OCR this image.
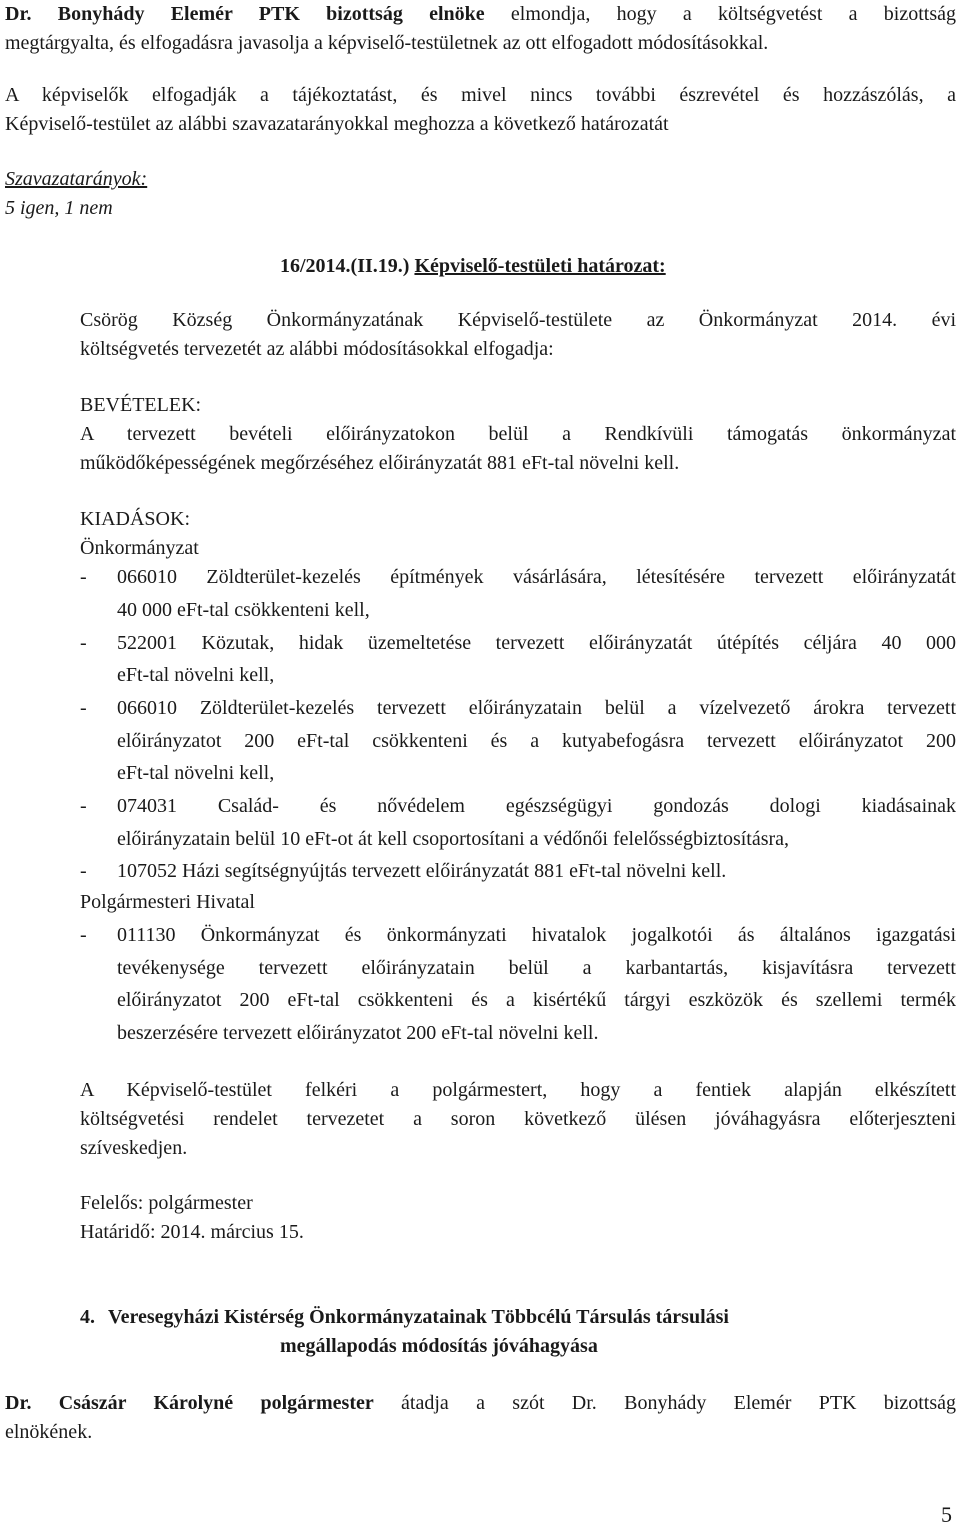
Dr. Bonyhády Elemér PTK bizottság elnöke elmondja, hogy a költségvetést a bizottság
megtárgyalta, és elfogadásra javasolja a képviselő-testületnek az ott elfogadott módosításokkal.
A képviselők elfogadják a tájékoztatást, és mivel nincs további észrevétel és hozzászólás, a
Képviselő-testület az alábbi szavazatarányokkal meghozza a következő határozatát
Szavazatarányok:
5 igen, 1 nem
16/2014.(II.19.) Képviselő-testületi határozat:
Csörög Község Önkormányzatának Képviselő-testülete az Önkormányzat 2014. évi
költségvetés tervezetét az alábbi módosításokkal elfogadja:
BEVÉTELEK:
A tervezett bevételi előirányzatokon belül a Rendkívüli támogatás önkormányzat
működőképességének megőrzéséhez előirányzatát 881 eFt-tal növelni kell.
KIADÁSOK:
Önkormányzat
- 066010 Zöldterület-kezelés építmények vásárlására, létesítésére tervezett előirányzatát
40 000 eFt-tal csökkenteni kell,
- 522001 Közutak, hidak üzemeltetése tervezett előirányzatát útépítés céljára 40 000
eFt-tal növelni kell,
- 066010 Zöldterület-kezelés tervezett előirányzatain belül a vízelvezető árokra tervezett
előirányzatot 200 eFt-tal csökkenteni és a kutyabefogásra tervezett előirányzatot 200
eFt-tal növelni kell,
- 074031 Család- és nővédelem egészségügyi gondozás dologi kiadásainak
előirányzatain belül 10 eFt-ot át kell csoportosítani a védőnői felelősségbiztosításra,
- 107052 Házi segítségnyújtás tervezett előirányzatát 881 eFt-tal növelni kell.
Polgármesteri Hivatal
- 011130 Önkormányzat és önkormányzati hivatalok jogalkotói ás általános igazgatási
tevékenysége tervezett előirányzatain belül a karbantartás, kisjavításra tervezett
előirányzatot 200 eFt-tal csökkenteni és a kisértékű tárgyi eszközök és szellemi termék
beszerzésére tervezett előirányzatot 200 eFt-tal növelni kell.
A Képviselő-testület felkéri a polgármestert, hogy a fentiek alapján elkészített
költségvetési rendelet tervezetet a soron következő ülésen jóváhagyásra előterjeszteni
szíveskedjen.
Felelős: polgármester
Határidő: 2014. március 15.
4. Veresegyházi Kistérség Önkormányzatainak Többcélú Társulás társulási
megállapodás módosítás jóváhagyása
Dr. Császár Károlyné polgármester átadja a szót Dr. Bonyhády Elemér PTK bizottság
elnökének.
5
